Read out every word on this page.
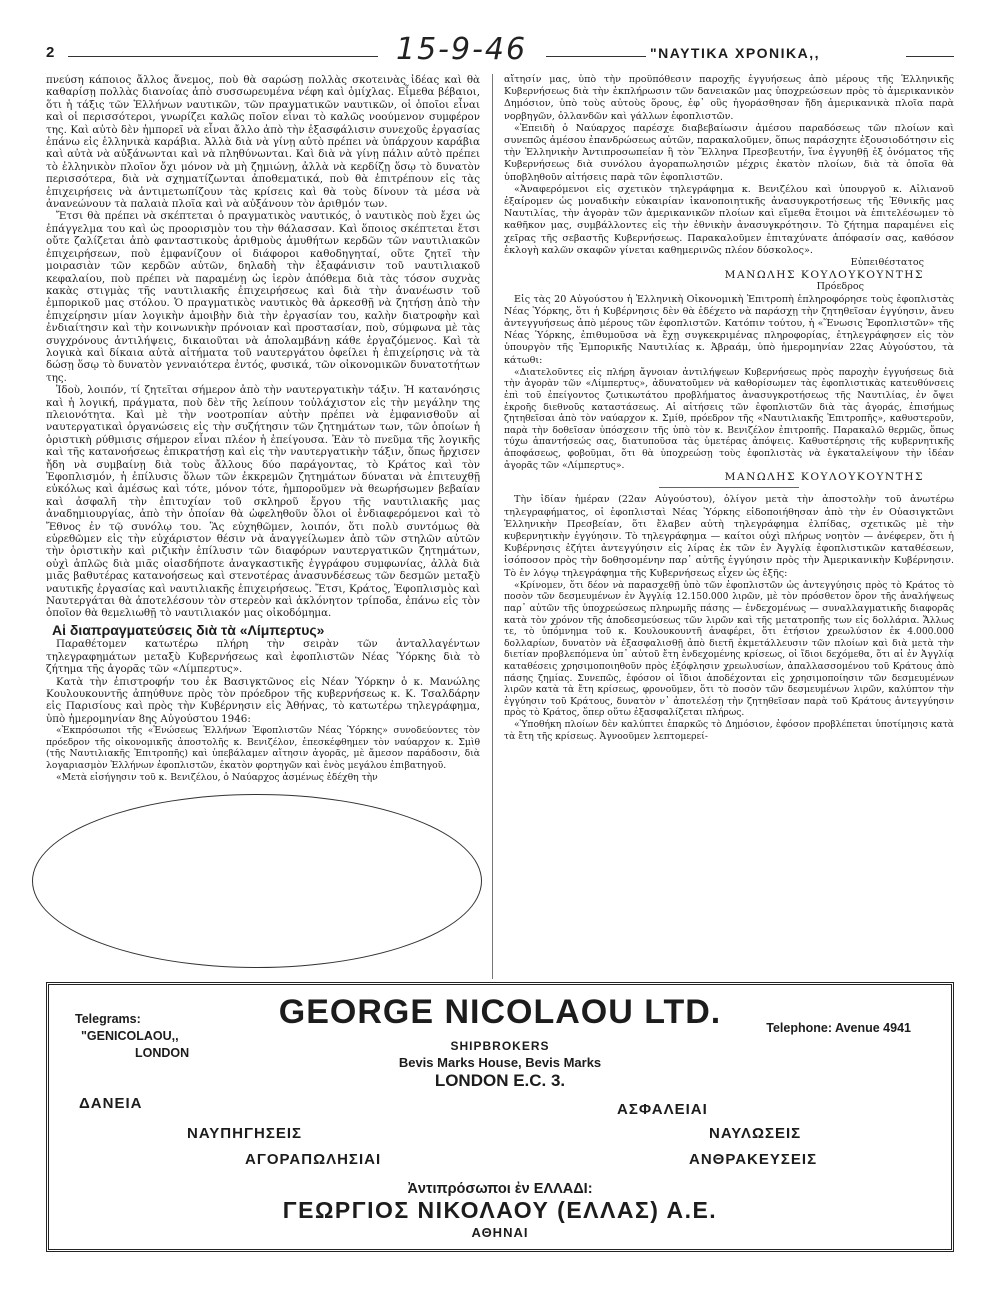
2	15-9-46	"ΝΑΥΤΙΚΑ ΧΡΟΝΙΚΑ,,

πνεύση κάποιος ἄλλος ἄνεμος, ποὺ θὰ σαρώσῃ πολλὰς σκοτεινὰς ἰδέας καὶ θὰ καθαρίσῃ πολλὰς διανοίας ἀπὸ συσσωρευμένα νέφη καὶ ὁμίχλας. Εἶμεθα βέβαιοι, ὅτι ἡ τάξις τῶν Ἑλλήνων ναυτικῶν, τῶν πραγματικῶν ναυτικῶν, οἱ ὁποῖοι εἶναι καὶ οἱ περισσότεροι, γνωρίζει καλῶς ποῖον εἶναι τὸ καλῶς νοούμενον συμφέρον της. Καὶ αὐτὸ δὲν ἠμπορεῖ νὰ εἶναι ἄλλο ἀπὸ τὴν ἐξασφάλισιν συνεχοῦς ἐργασίας ἐπάνω εἰς ἑλληνικὰ καράβια. Ἀλλὰ διὰ νὰ γίνῃ αὐτὸ πρέπει νὰ ὑπάρχουν καράβια καὶ αὐτὰ νὰ αὐξάνωνται καὶ νὰ πληθύνωνται. Καὶ διὰ νὰ γίνῃ πάλιν αὐτὸ πρέπει τὸ ἑλληνικὸν πλοῖον ὄχι μόνον νὰ μὴ ζημιώνῃ, ἀλλὰ νὰ κερδίζῃ ὅσῳ τὸ δυνατὸν περισσότερα, διὰ νὰ σχηματίζωνται ἀποθεματικά, ποὺ θὰ ἐπιτρέπουν εἰς τὰς ἐπιχειρήσεις νὰ ἀντιμετωπίζουν τὰς κρίσεις καὶ θὰ τοὺς δίνουν τὰ μέσα νὰ ἀνανεώνουν τὰ παλαιὰ πλοῖα καὶ νὰ αὐξάνουν τὸν ἀριθμόν των.

Ἔτσι θὰ πρέπει νὰ σκέπτεται ὁ πραγματικὸς ναυτικός, ὁ ναυτικὸς ποὺ ἔχει ὡς ἐπάγγελμα του καὶ ὡς προορισμὸν του τὴν θάλασσαν. Καὶ ὅποιος σκέπτεται ἔτσι οὔτε ζαλίζεται ἀπὸ φανταστικοὺς ἀριθμοὺς ἀμυθήτων κερδῶν τῶν ναυτιλιακῶν ἐπιχειρήσεων, ποὺ ἐμφανίζουν οἱ διάφοροι καθοδηγηταί, οὔτε ζητεῖ τὴν μοιρασιὰν τῶν κερδῶν αὐτῶν, δηλαδὴ τὴν ἐξαφάνισιν τοῦ ναυτιλιακοῦ κεφαλαίου, ποὺ πρέπει νὰ παραμένῃ ὡς ἱερὸν ἀπόθεμα διὰ τὰς τόσον συχνὰς κακὰς στιγμὰς τῆς ναυτιλιακῆς ἐπιχειρήσεως καὶ διὰ τὴν ἀνανέωσιν τοῦ ἐμπορικοῦ μας στόλου. Ὁ πραγματικὸς ναυτικὸς θὰ ἀρκεσθῇ νὰ ζητήσῃ ἀπὸ τὴν ἐπιχείρησιν μίαν λογικὴν ἀμοιβὴν διὰ τὴν ἐργασίαν του, καλὴν διατροφὴν καὶ ἐνδιαίτησιν καὶ τὴν κοινωνικὴν πρόνοιαν καὶ προστασίαν, ποὺ, σύμφωνα μὲ τὰς συγχρόνους ἀντιλήψεις, δικαιοῦται νὰ ἀπολαμβάνῃ κάθε ἐργαζόμενος. Καὶ τὰ λογικὰ καὶ δίκαια αὐτὰ αἰτήματα τοῦ ναυτεργάτου ὀφείλει ἡ ἐπιχείρησις νὰ τὰ δώσῃ ὅσῳ τὸ δυνατὸν γενναιότερα ἐντός, φυσικά, τῶν οἰκονομικῶν δυνατοτήτων της.

Ἰδοὺ, λοιπόν, τί ζητεῖται σήμερον ἀπὸ τὴν ναυτεργατικὴν τάξιν. Ἡ κατανόησις καὶ ἡ λογική, πράγματα, ποὺ δὲν τῆς λείπουν τοὐλάχιστον εἰς τὴν μεγάλην της πλειονότητα. Καὶ μὲ τὴν νοοτροπίαν αὐτὴν πρέπει νὰ ἐμφανισθοῦν αἱ ναυτεργατικαὶ ὀργανώσεις εἰς τὴν συζήτησιν τῶν ζητημάτων των, τῶν ὁποίων ἡ ὁριστικὴ ρύθμισις σήμερον εἶναι πλέον ἡ ἐπείγουσα. Ἐὰν τὸ πνεῦμα τῆς λογικῆς καὶ τῆς κατανοήσεως ἐπικρατήσῃ καὶ εἰς τὴν ναυτεργατικὴν τάξιν, ὅπως ἤρχισεν ἤδη νὰ συμβαίνῃ διὰ τοὺς ἄλλους δύο παράγοντας, τὸ Κράτος καὶ τὸν Ἐφοπλισμόν, ἡ ἐπίλυσις ὅλων τῶν ἐκκρεμῶν ζητημάτων δύναται νὰ ἐπιτευχθῇ εὐκόλως καὶ ἀμέσως καὶ τότε, μόνον τότε, ἠμποροῦμεν νὰ θεωρήσωμεν βεβαίαν καὶ ἀσφαλῆ τὴν ἐπιτυχίαν τοῦ σκληροῦ ἔργου τῆς ναυτιλιακῆς μας ἀναδημιουργίας, ἀπὸ τὴν ὁποίαν θὰ ὠφεληθοῦν ὅλοι οἱ ἐνδιαφερόμενοι καὶ τὸ Ἔθνος ἐν τῷ συνόλῳ του. Ἂς εὐχηθῶμεν, λοιπόν, ὅτι πολὺ συντόμως θὰ εὑρεθῶμεν εἰς τὴν εὐχάριστον θέσιν νὰ ἀναγγείλωμεν ἀπὸ τῶν στηλῶν αὐτῶν τὴν ὁριστικὴν καὶ ριζικὴν ἐπίλυσιν τῶν διαφόρων ναυτεργατικῶν ζητημάτων, οὐχὶ ἁπλῶς διὰ μιᾶς οἱασδήποτε ἀναγκαστικῆς ἐγγράφου συμφωνίας, ἀλλὰ διὰ μιᾶς βαθυτέρας κατανοήσεως καὶ στενοτέρας ἀνασυνδέσεως τῶν δεσμῶν μεταξὺ ναυτικῆς ἐργασίας καὶ ναυτιλιακῆς ἐπιχειρήσεως. Ἔτσι, Κράτος, Ἐφοπλισμὸς καὶ Ναυτεργάται θὰ ἀποτελέσουν τὸν στερεὸν καὶ ἀκλόνητον τρίποδα, ἐπάνω εἰς τὸν ὁποῖον θὰ θεμελιωθῇ τὸ ναυτιλιακόν μας οἰκοδόμημα.

Αἱ διαπραγματεύσεις διὰ τὰ «Λίμπερτυς»

Παραθέτομεν κατωτέρω πλήρη τὴν σειρὰν τῶν ἀνταλλαγέντων τηλεγραφημάτων μεταξὺ Κυβερνήσεως καὶ ἐφοπλιστῶν Νέας Ὑόρκης διὰ τὸ ζήτημα τῆς ἀγορᾶς τῶν «Λίμπερτυς».

Κατὰ τὴν ἐπιστροφήν του ἐκ Βασιγκτῶνος εἰς Νέαν Ὑόρκην ὁ κ. Μανώλης Κουλουκουντῆς ἀπηύθυνε πρὸς τὸν πρόεδρον τῆς κυβερνήσεως κ. Κ. Τσαλδάρην εἰς Παρισίους καὶ πρὸς τὴν Κυβέρνησιν εἰς Ἀθήνας, τὸ κατωτέρω τηλεγράφημα, ὑπὸ ἡμερομηνίαν 8ης Αὐγούστου 1946:

«Ἐκπρόσωποι τῆς «Ἑνώσεως Ἑλλήνων Ἐφοπλιστῶν Νέας Ὑόρκης» συνοδεύοντες τὸν πρόεδρον τῆς οἰκονομικῆς ἀποστολῆς κ. Βενιζέλον, ἐπεσκέφθημεν τὸν ναύαρχον κ. Σμὶθ (τῆς Ναυτιλιακῆς Ἐπιτροπῆς) καὶ ὑπεβάλαμεν αἴτησιν ἀγορᾶς, μὲ ἄμεσον παράδοσιν, διὰ λογαριασμὸν Ἑλλήνων ἐφοπλιστῶν, ἑκατὸν φορτηγῶν καὶ ἑνὸς μεγάλου ἐπιβατηγοῦ.

«Μετὰ εἰσήγησιν τοῦ κ. Βενιζέλου, ὁ Ναύαρχος ἀσμένως ἐδέχθη τὴν

αἴτησίν μας, ὑπὸ τὴν προϋπόθεσιν παροχῆς ἐγγυήσεως ἀπὸ μέρους τῆς Ἑλληνικῆς Κυβερνήσεως διὰ τὴν ἐκπλήρωσιν τῶν δανειακῶν μας ὑποχρεώσεων πρὸς τὸ ἀμερικανικὸν Δημόσιον, ὑπὸ τοὺς αὐτοὺς ὅρους, ἐφ᾿ οὓς ἠγοράσθησαν ἤδη ἀμερικανικὰ πλοῖα παρὰ νορβηγῶν, ὀλλανδῶν καὶ γάλλων ἐφοπλιστῶν.

«Ἐπειδὴ ὁ Ναύαρχος παρέσχε διαβεβαίωσιν ἀμέσου παραδόσεως τῶν πλοίων καὶ συνεπῶς ἀμέσου ἐπανδρώσεως αὐτῶν, παρακαλοῦμεν, ὅπως παράσχητε ἐξουσιοδότησιν εἰς τὴν Ἑλληνικὴν Ἀντιπροσωπείαν ἢ τὸν Ἕλληνα Πρεσβευτήν, ἵνα ἐγγυηθῇ ἐξ ὀνόματος τῆς Κυβερνήσεως διὰ συνόλου ἀγοραπωλησιῶν μέχρις ἑκατὸν πλοίων, διὰ τὰ ὁποῖα θὰ ὑποβληθοῦν αἰτήσεις παρὰ τῶν ἐφοπλιστῶν.

«Ἀναφερόμενοι εἰς σχετικὸν τηλεγράφημα κ. Βενιζέλου καὶ ὑπουργοῦ κ. Αἰλιανοῦ ἐξαίρομεν ὡς μοναδικὴν εὐκαιρίαν ἱκανοποιητικῆς ἀνασυγκροτήσεως τῆς Ἐθνικῆς μας Ναυτιλίας, τὴν ἀγορὰν τῶν ἀμερικανικῶν πλοίων καὶ εἴμεθα ἕτοιμοι νὰ ἐπιτελέσωμεν τὸ καθῆκον μας, συμβάλλοντες εἰς τὴν ἐθνικὴν ἀνασυγκρότησιν. Τὸ ζήτημα παραμένει εἰς χεῖρας τῆς σεβαστῆς Κυβερνήσεως. Παρακαλοῦμεν ἐπιταχύνατε ἀπόφασίν σας, καθόσον ἐκλογὴ καλῶν σκαφῶν γίνεται καθημερινῶς πλέον δύσκολος».

Εὐπειθέστατος

ΜΑΝΩΛΗΣ ΚΟΥΛΟΥΚΟΥΝΤΗΣ

Πρόεδρος

Εἰς τὰς 20 Αὐγούστου ἡ Ἑλληνικὴ Οἰκονομικὴ Ἐπιτροπὴ ἐπληροφόρησε τοὺς ἐφοπλιστὰς Νέας Ὑόρκης, ὅτι ἡ Κυβέρνησις δὲν θὰ ἐδέχετο νὰ παράσχῃ τὴν ζητηθεῖσαν ἐγγύησιν, ἄνευ ἀντεγγυήσεως ἀπὸ μέρους τῶν ἐφοπλιστῶν. Κατόπιν τούτου, ἡ «Ἕνωσις Ἐφοπλιστῶν» τῆς Νέας Ὑόρκης, ἐπιθυμοῦσα νὰ ἔχῃ συγκεκριμένας πληροφορίας, ἐτηλεγράφησεν εἰς τὸν ὑπουργὸν τῆς Ἐμπορικῆς Ναυτιλίας κ. Ἀβραάμ, ὑπὸ ἡμερομηνίαν 22ας Αὐγούστου, τὰ κάτωθι:

«Διατελοῦντες εἰς πλήρη ἄγνοιαν ἀντιλήψεων Κυβερνήσεως πρὸς παροχὴν ἐγγυήσεως διὰ τὴν ἀγορὰν τῶν «Λίμπερτυς», ἀδυνατοῦμεν νὰ καθορίσωμεν τὰς ἐφοπλιστικὰς κατευθύνσεις ἐπὶ τοῦ ἐπείγοντος ζωτικωτάτου προβλήματος ἀνασυγκροτήσεως τῆς Ναυτιλίας, ἐν ὄψει ἐκροῆς διεθνοῦς καταστάσεως. Αἱ αἰτήσεις τῶν ἐφοπλιστῶν διὰ τὰς ἀγοράς, ἐπισήμως ζητηθεῖσαι ἀπὸ τὸν ναύαρχον κ. Σμίθ, πρόεδρον τῆς «Ναυτιλιακῆς Ἐπιτροπῆς», καθυστεροῦν, παρὰ τὴν δοθεῖσαν ὑπόσχεσιν τῆς ὑπὸ τὸν κ. Βενιζέλον ἐπιτροπῆς. Παρακαλῶ θερμῶς, ὅπως τύχω ἀπαντήσεώς σας, διατυποῦσα τὰς ὑμετέρας ἀπόψεις. Καθυστέρησις τῆς κυβερνητικῆς ἀποφάσεως, φοβοῦμαι, ὅτι θὰ ὑποχρεώσῃ τοὺς ἐφοπλιστὰς νὰ ἐγκαταλείψουν τὴν ἰδέαν ἀγορᾶς τῶν «Λίμπερτυς».

ΜΑΝΩΛΗΣ ΚΟΥΛΟΥΚΟΥΝΤΗΣ

Τὴν ἰδίαν ἡμέραν (22αν Αὐγούστου), ὀλίγον μετὰ τὴν ἀποστολὴν τοῦ ἀνωτέρω τηλεγραφήματος, οἱ ἐφοπλισταὶ Νέας Ὑόρκης εἰδοποιήθησαν ἀπὸ τὴν ἐν Οὐασιγκτῶνι Ἑλληνικὴν Πρεσβείαν, ὅτι ἔλαβεν αὐτὴ τηλεγράφημα ἐλπίδας, σχετικῶς μὲ τὴν κυβερνητικὴν ἐγγύησιν. Τὸ τηλεγράφημα — καίτοι οὐχὶ πλήρως νοητὸν — ἀνέφερεν, ὅτι ἡ Κυβέρνησις ἐζήτει ἀντεγγύησιν εἰς λίρας ἐκ τῶν ἐν Ἀγγλίᾳ ἐφοπλιστικῶν καταθέσεων, ἰσόποσον πρὸς τὴν δοθησομένην παρ᾿ αὐτῆς ἐγγύησιν πρὸς τὴν Ἀμερικανικὴν Κυβέρνησιν. Τὸ ἐν λόγῳ τηλεγράφημα τῆς Κυβερνήσεως εἶχεν ὡς ἑξῆς:

«Κρίνομεν, ὅτι δέον νὰ παρασχεθῇ ὑπὸ τῶν ἐφοπλιστῶν ὡς ἀντεγγύησις πρὸς τὸ Κράτος τὸ ποσὸν τῶν δεσμευμένων ἐν Ἀγγλίᾳ 12.150.000 λιρῶν, μὲ τὸν πρόσθετον ὅρον τῆς ἀναλήψεως παρ᾿ αὐτῶν τῆς ὑποχρεώσεως πληρωμῆς πάσης — ἐνδεχομένως — συναλλαγματικῆς διαφορᾶς κατὰ τὸν χρόνον τῆς ἀποδεσμεύσεως τῶν λιρῶν καὶ τῆς μετατροπῆς των εἰς δολλάρια. Ἄλλως τε, τὸ ὑπόμνημα τοῦ κ. Κουλουκουντῆ ἀναφέρει, ὅτι ἐτήσιον χρεωλύσιον ἐκ 4.000.000 δολλαρίων, δυνατὸν νὰ ἐξασφαλισθῇ ἀπὸ διετῆ ἐκμετάλλευσιν τῶν πλοίων καὶ διὰ μετὰ τὴν διετίαν προβλεπόμενα ὑπ᾿ αὐτοῦ ἔτη ἐνδεχομένης κρίσεως, οἱ ἴδιοι δεχόμεθα, ὅτι αἱ ἐν Ἀγγλίᾳ καταθέσεις χρησιμοποιηθοῦν πρὸς ἐξόφλησιν χρεωλυσίων, ἀπαλλασσομένου τοῦ Κράτους ἀπὸ πάσης ζημίας. Συνεπῶς, ἐφόσον οἱ ἴδιοι ἀποδέχονται εἰς χρησιμοποίησιν τῶν δεσμευμένων λιρῶν κατὰ τὰ ἔτη κρίσεως, φρονοῦμεν, ὅτι τὸ ποσὸν τῶν δεσμευμένων λιρῶν, καλύπτον τὴν ἐγγύησιν τοῦ Κράτους, δυνατὸν ν᾿ ἀποτελέσῃ τὴν ζητηθεῖσαν παρὰ τοῦ Κράτους ἀντεγγύησιν πρὸς τὸ Κράτος, ὅπερ οὕτω ἐξασφαλίζεται πλήρως.

«Ὑποθήκη πλοίων δὲν καλύπτει ἐπαρκῶς τὸ Δημόσιον, ἐφόσον προβλέπεται ὑποτίμησις κατὰ τὰ ἔτη τῆς κρίσεως. Ἀγνοοῦμεν λεπτομερεί-

Telegrams:
"GENICOLAOU,,
LONDON
Telephone: Avenue 4941
GEORGE NICOLAOU LTD.
SHIPBROKERS
Bevis Marks House, Bevis Marks
LONDON E.C. 3.
ΔΑΝΕΙΑ
ΝΑΥΠΗΓΗΣΕΙΣ
ΑΓΟΡΑΠΩΛΗΣΙΑΙ
ΑΣΦΑΛΕΙΑΙ
ΝΑΥΛΩΣΕΙΣ
ΑΝΘΡΑΚΕΥΣΕΙΣ
Ἀντιπρόσωποι ἐν ΕΛΛΑΔΙ:
ΓΕΩΡΓΙΟΣ ΝΙΚΟΛΑΟΥ (ΕΛΛΑΣ) Α.Ε.
ΑΘΗΝΑΙ
